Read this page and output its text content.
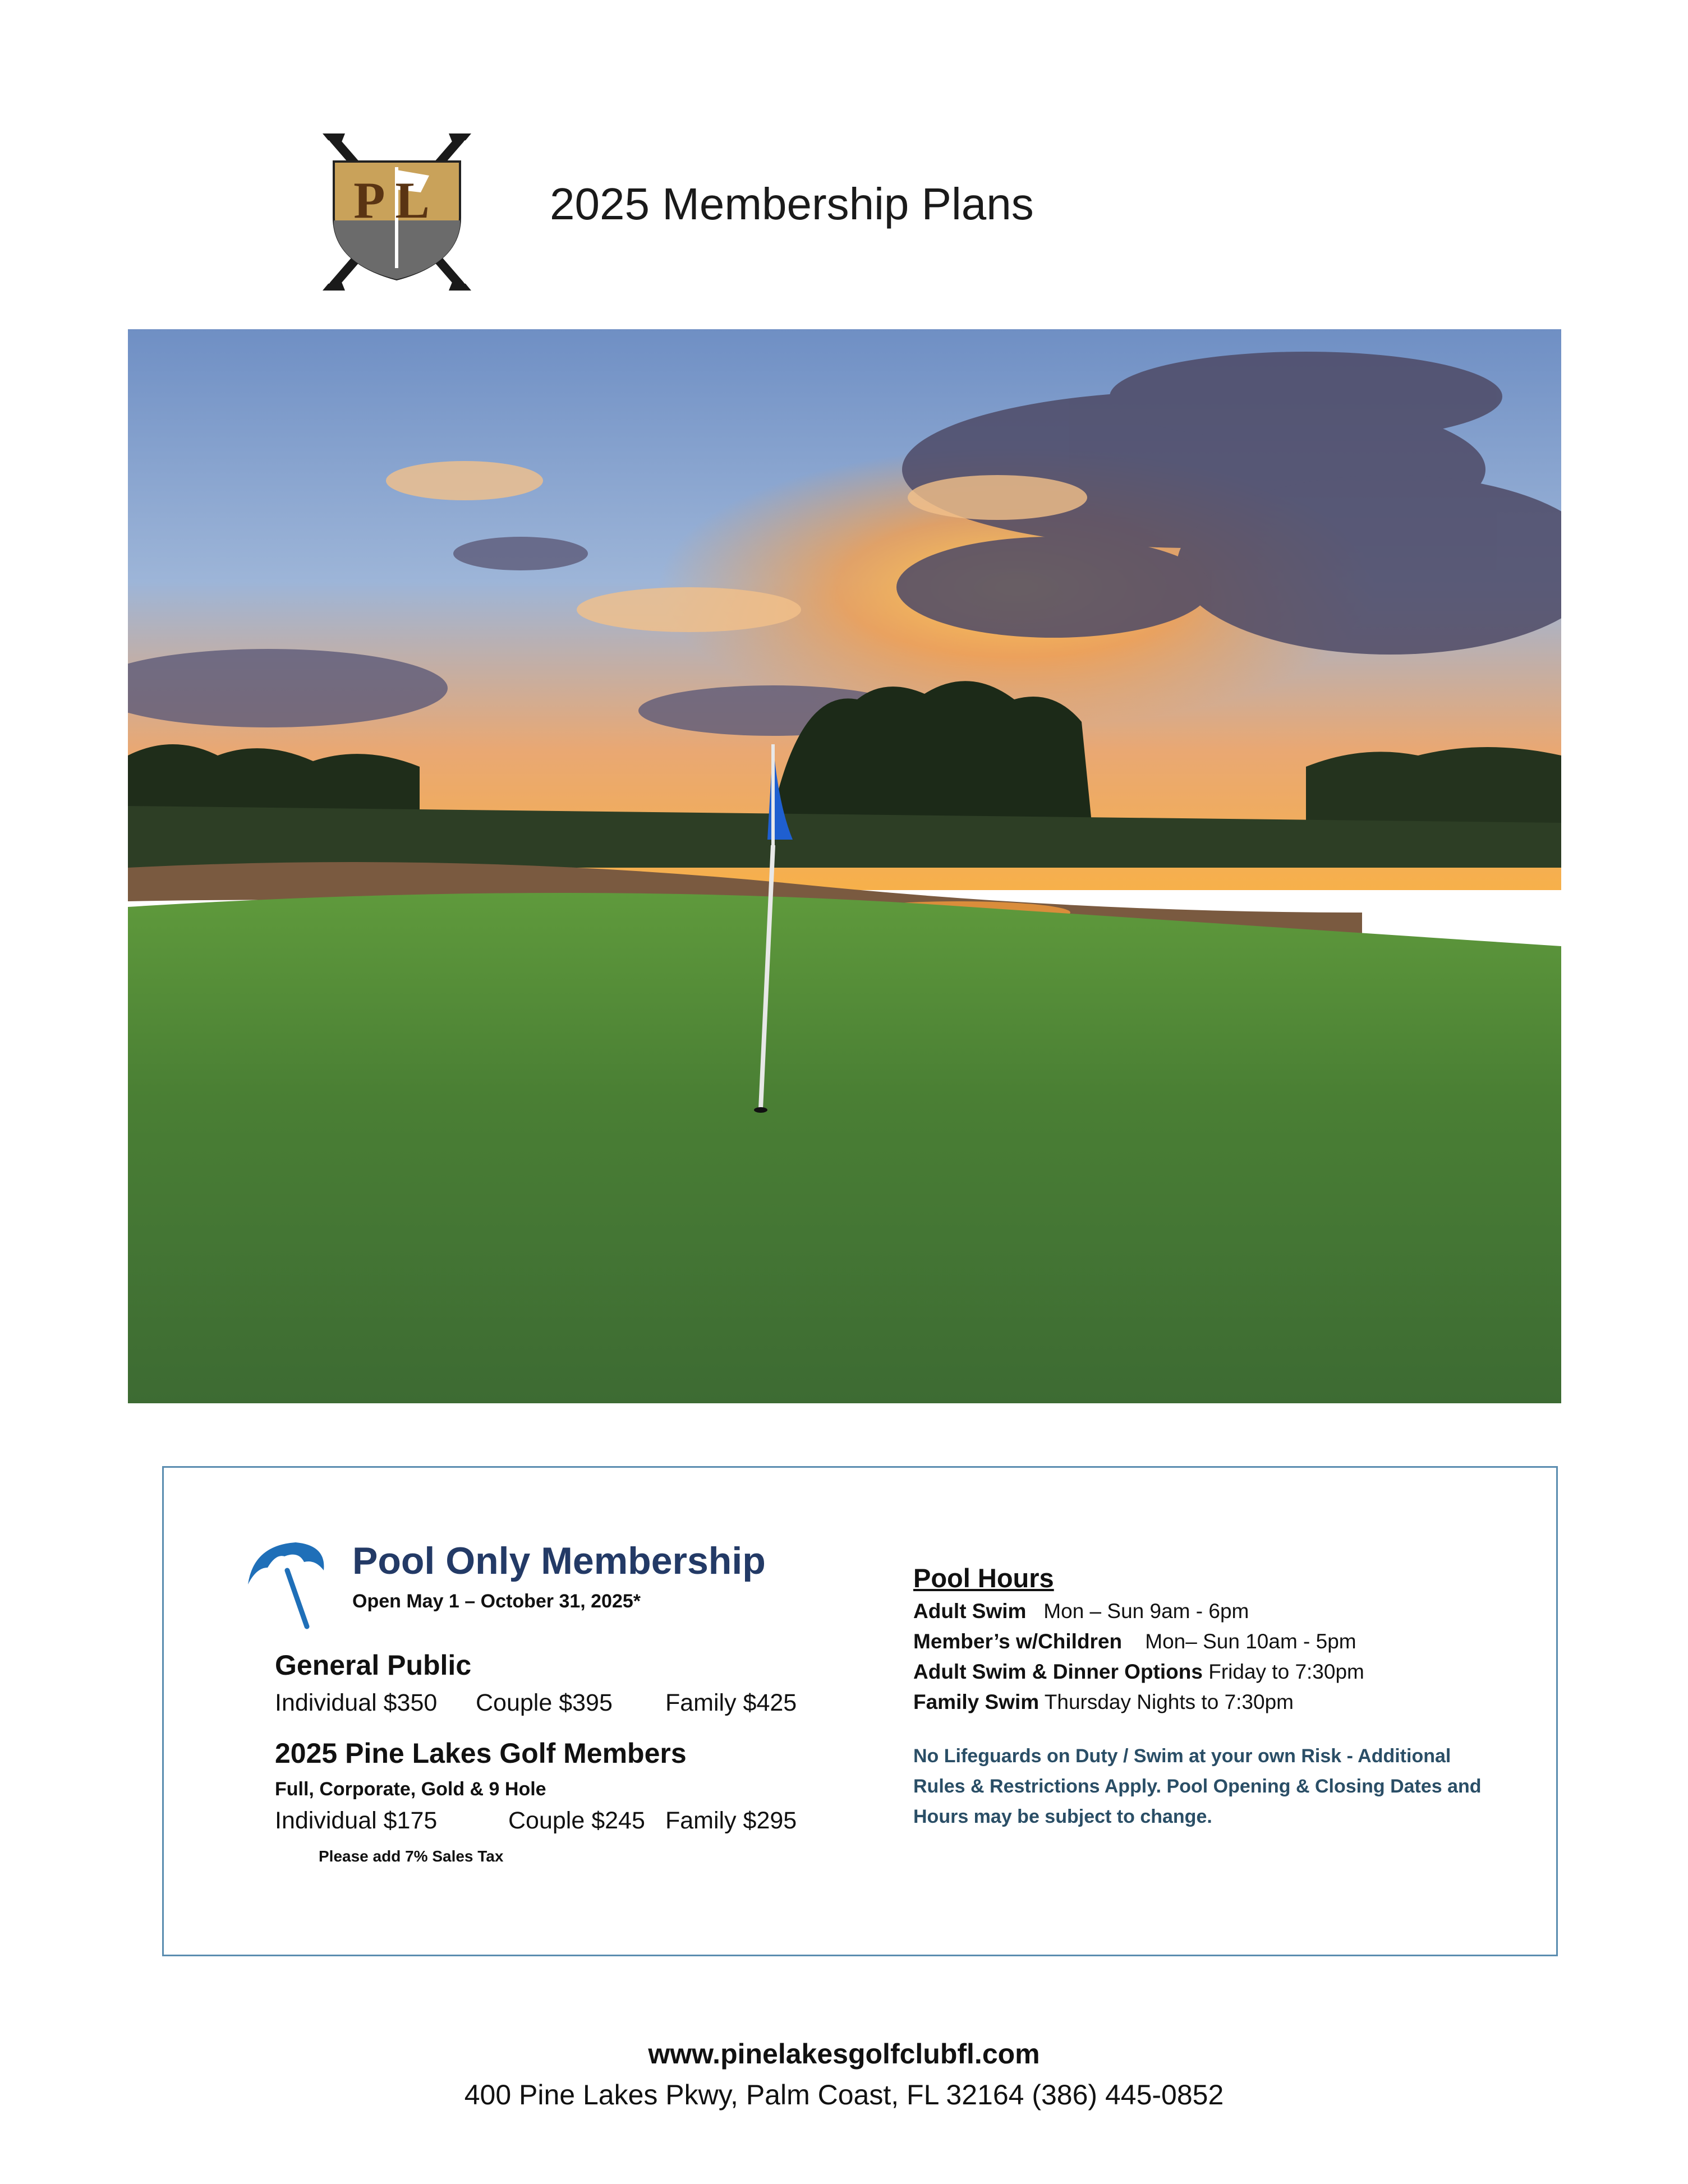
PL 2025 Membership Plans
Pool Only Membership
Open May 1 – October 31, 2025*
General Public
Individual $350 Couple $395 Family $425
2025 Pine Lakes Golf Members
Full, Corporate, Gold & 9 Hole
Individual $175	Couple $245 Family $295
Please add 7% Sales Tax
Pool Hours
Adult Swim Mon – Sun 9am - 6pm
Member’s w/Children Mon– Sun 10am - 5pm
Adult Swim & Dinner Options Friday to 7:30pm
Family Swim Thursday Nights to 7:30pm
No Lifeguards on Duty / Swim at your own Risk - Additional Rules & Restrictions Apply. Pool Opening & Closing Dates and Hours may be subject to change.
www.pinelakesgolfclubfl.com
400 Pine Lakes Pkwy, Palm Coast, FL 32164 (386) 445-0852
